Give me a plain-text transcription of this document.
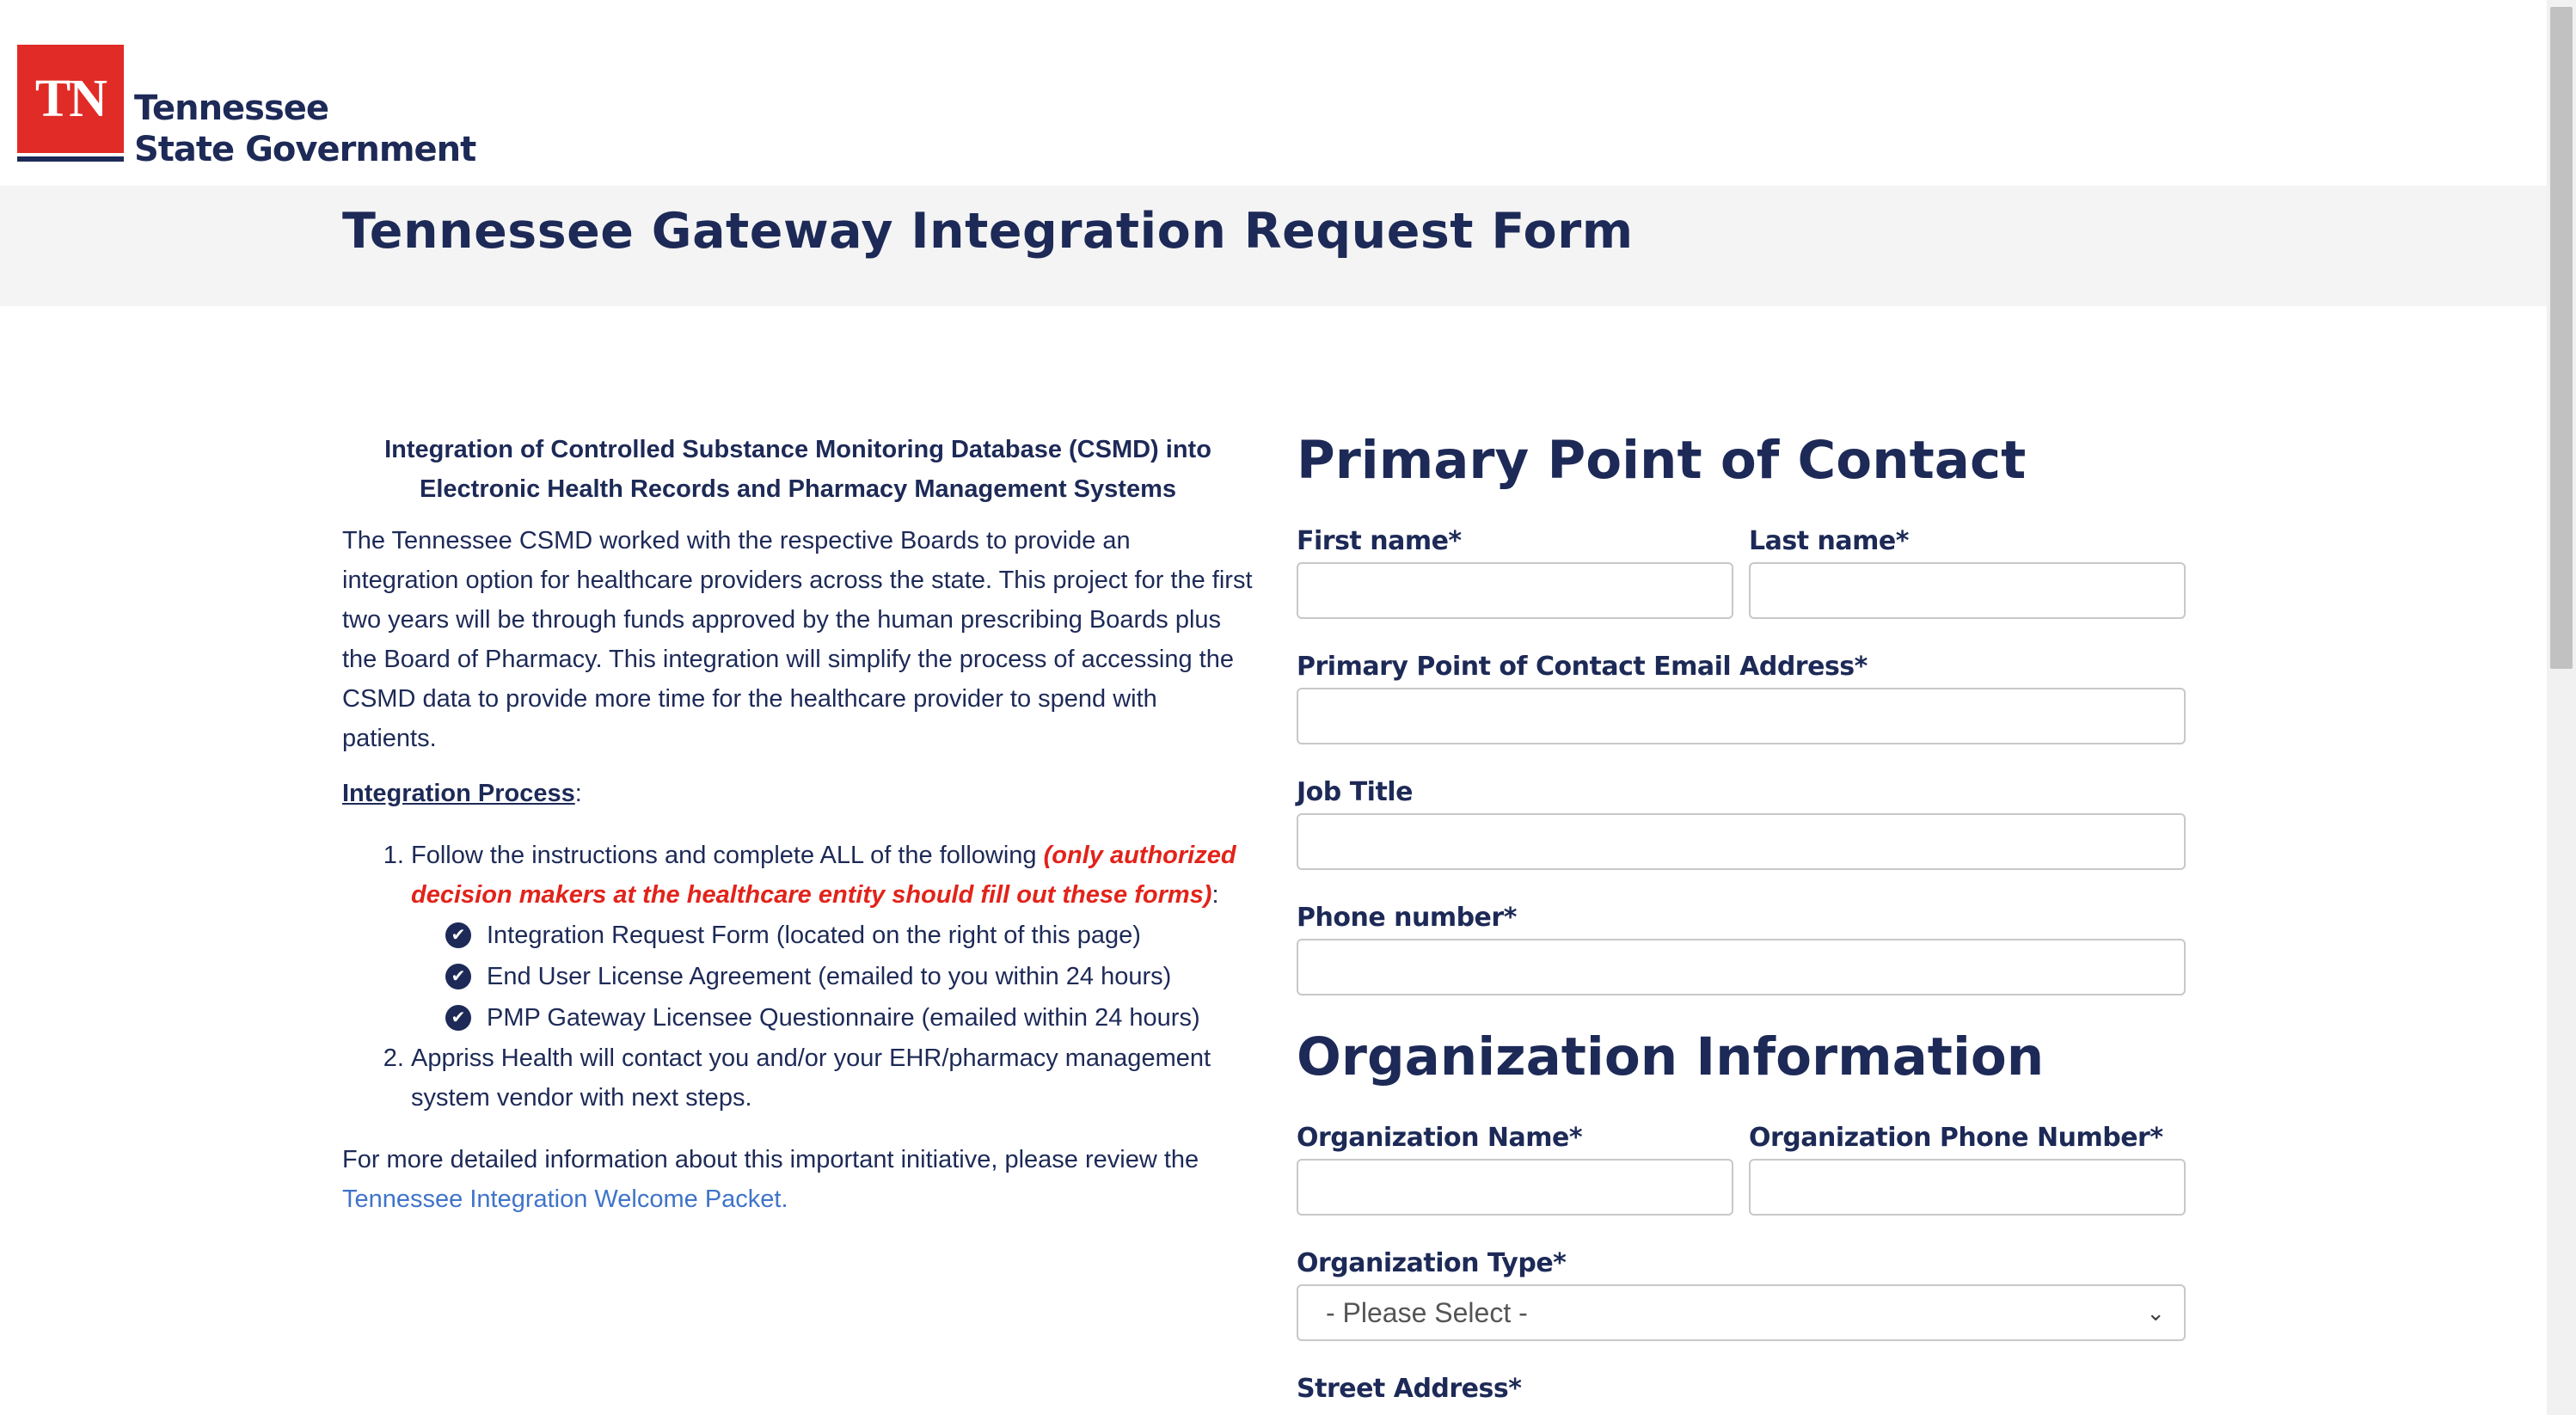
TN Tennessee
State Government
Tennessee Gateway Integration Request Form
Integration of Controlled Substance Monitoring Database (CSMD) into
Electronic Health Records and Pharmacy Management Systems

The Tennessee CSMD worked with the respective Boards to provide an integration option for healthcare providers across the state. This project for the first two years will be through funds approved by the human prescribing Boards plus the Board of Pharmacy. This integration will simplify the process of accessing the CSMD data to provide more time for the healthcare provider to spend with patients.

Integration Process:

1. Follow the instructions and complete ALL of the following (only authorized decision makers at the healthcare entity should fill out these forms):
✔ Integration Request Form (located on the right of this page)
✔ End User License Agreement (emailed to you within 24 hours)
✔ PMP Gateway Licensee Questionnaire (emailed within 24 hours)
2. Appriss Health will contact you and/or your EHR/pharmacy management system vendor with next steps.

For more detailed information about this important initiative, please review the Tennessee Integration Welcome Packet.

Primary Point of Contact
First name*	Last name*
Primary Point of Contact Email Address*
Job Title
Phone number*
Organization Information
Organization Name*	Organization Phone Number*
Organization Type*
- Please Select -	⌄
Street Address*
